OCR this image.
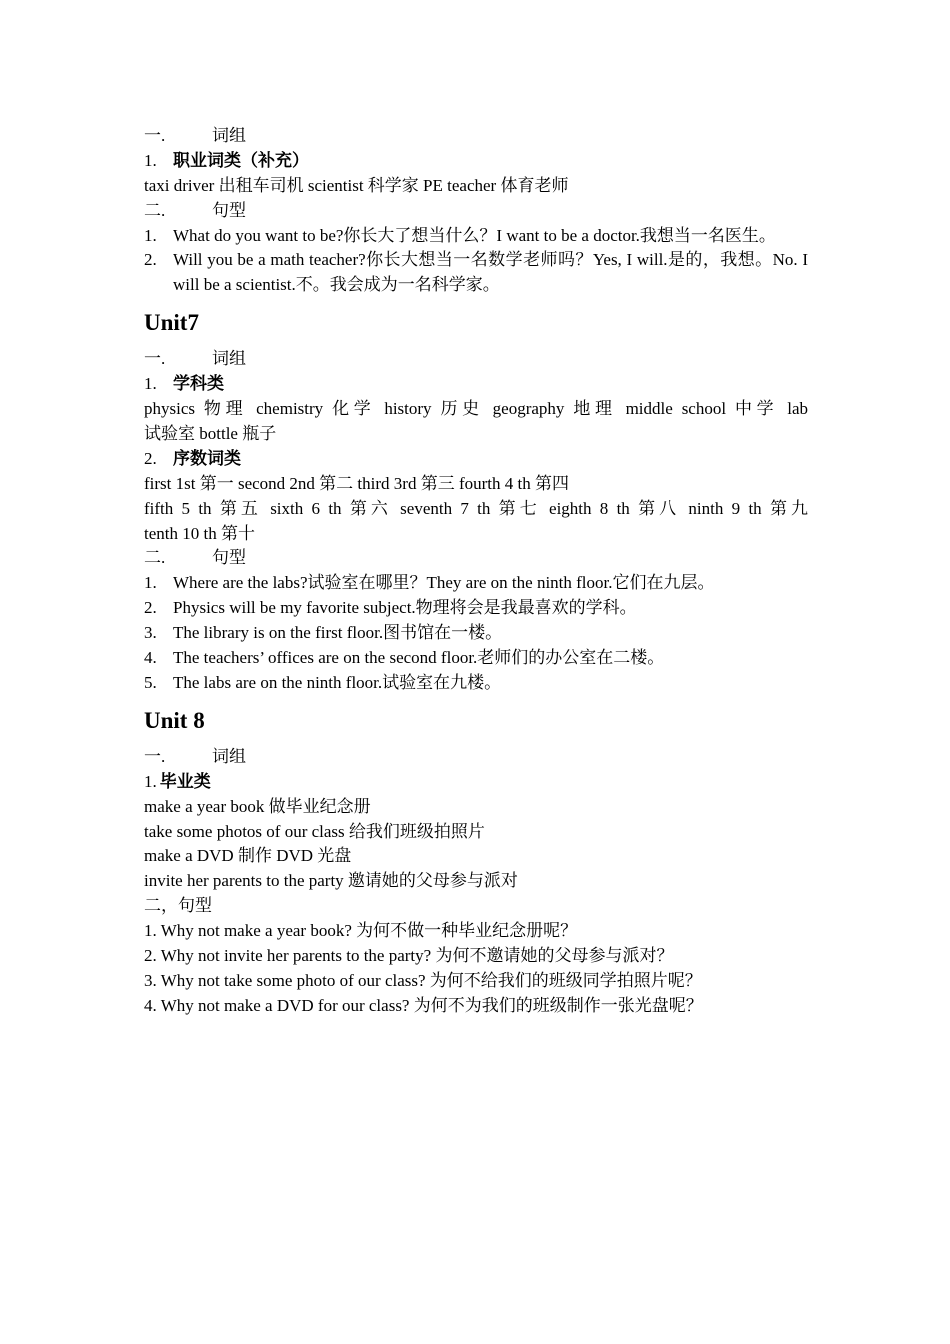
一.	词组
1. 职业词类（补充）
taxi driver 出租车司机 scientist 科学家 PE teacher 体育老师
二.	句型
1. What do you want to be?你长大了想当什么？I want to be a doctor.我想当一名医生。
2. Will you be a math teacher?你长大想当一名数学老师吗？Yes, I will.是的，我想。No. I will be a scientist.不。我会成为一名科学家。
Unit7
一.	词组
1. 学科类
physics 物理 chemistry 化学 history 历史 geography 地理 middle school 中学 lab
试验室 bottle 瓶子
2. 序数词类
first 1st 第一 second 2nd 第二 third 3rd 第三 fourth 4 th 第四
fifth 5 th 第五 sixth 6 th 第六 seventh 7 th 第七 eighth 8 th 第八 ninth 9 th 第九
tenth 10 th 第十
二.	句型
1. Where are the labs?试验室在哪里？They are on the ninth floor.它们在九层。
2. Physics will be my favorite subject.物理将会是我最喜欢的学科。
3. The library is on the first floor.图书馆在一楼。
4. The teachers’ offices are on the second floor.老师们的办公室在二楼。
5. The labs are on the ninth floor.试验室在九楼。
Unit 8
一.	词组
1. 毕业类
make a year book 做毕业纪念册
take some photos of our class 给我们班级拍照片
make a DVD 制作 DVD 光盘
invite her parents to the party 邀请她的父母参与派对
二，句型
1. Why not make a year book? 为何不做一种毕业纪念册呢？
2. Why not invite her parents to the party? 为何不邀请她的父母参与派对？
3. Why not take some photo of our class? 为何不给我们的班级同学拍照片呢？
4. Why not make a DVD for our class? 为何不为我们的班级制作一张光盘呢？
